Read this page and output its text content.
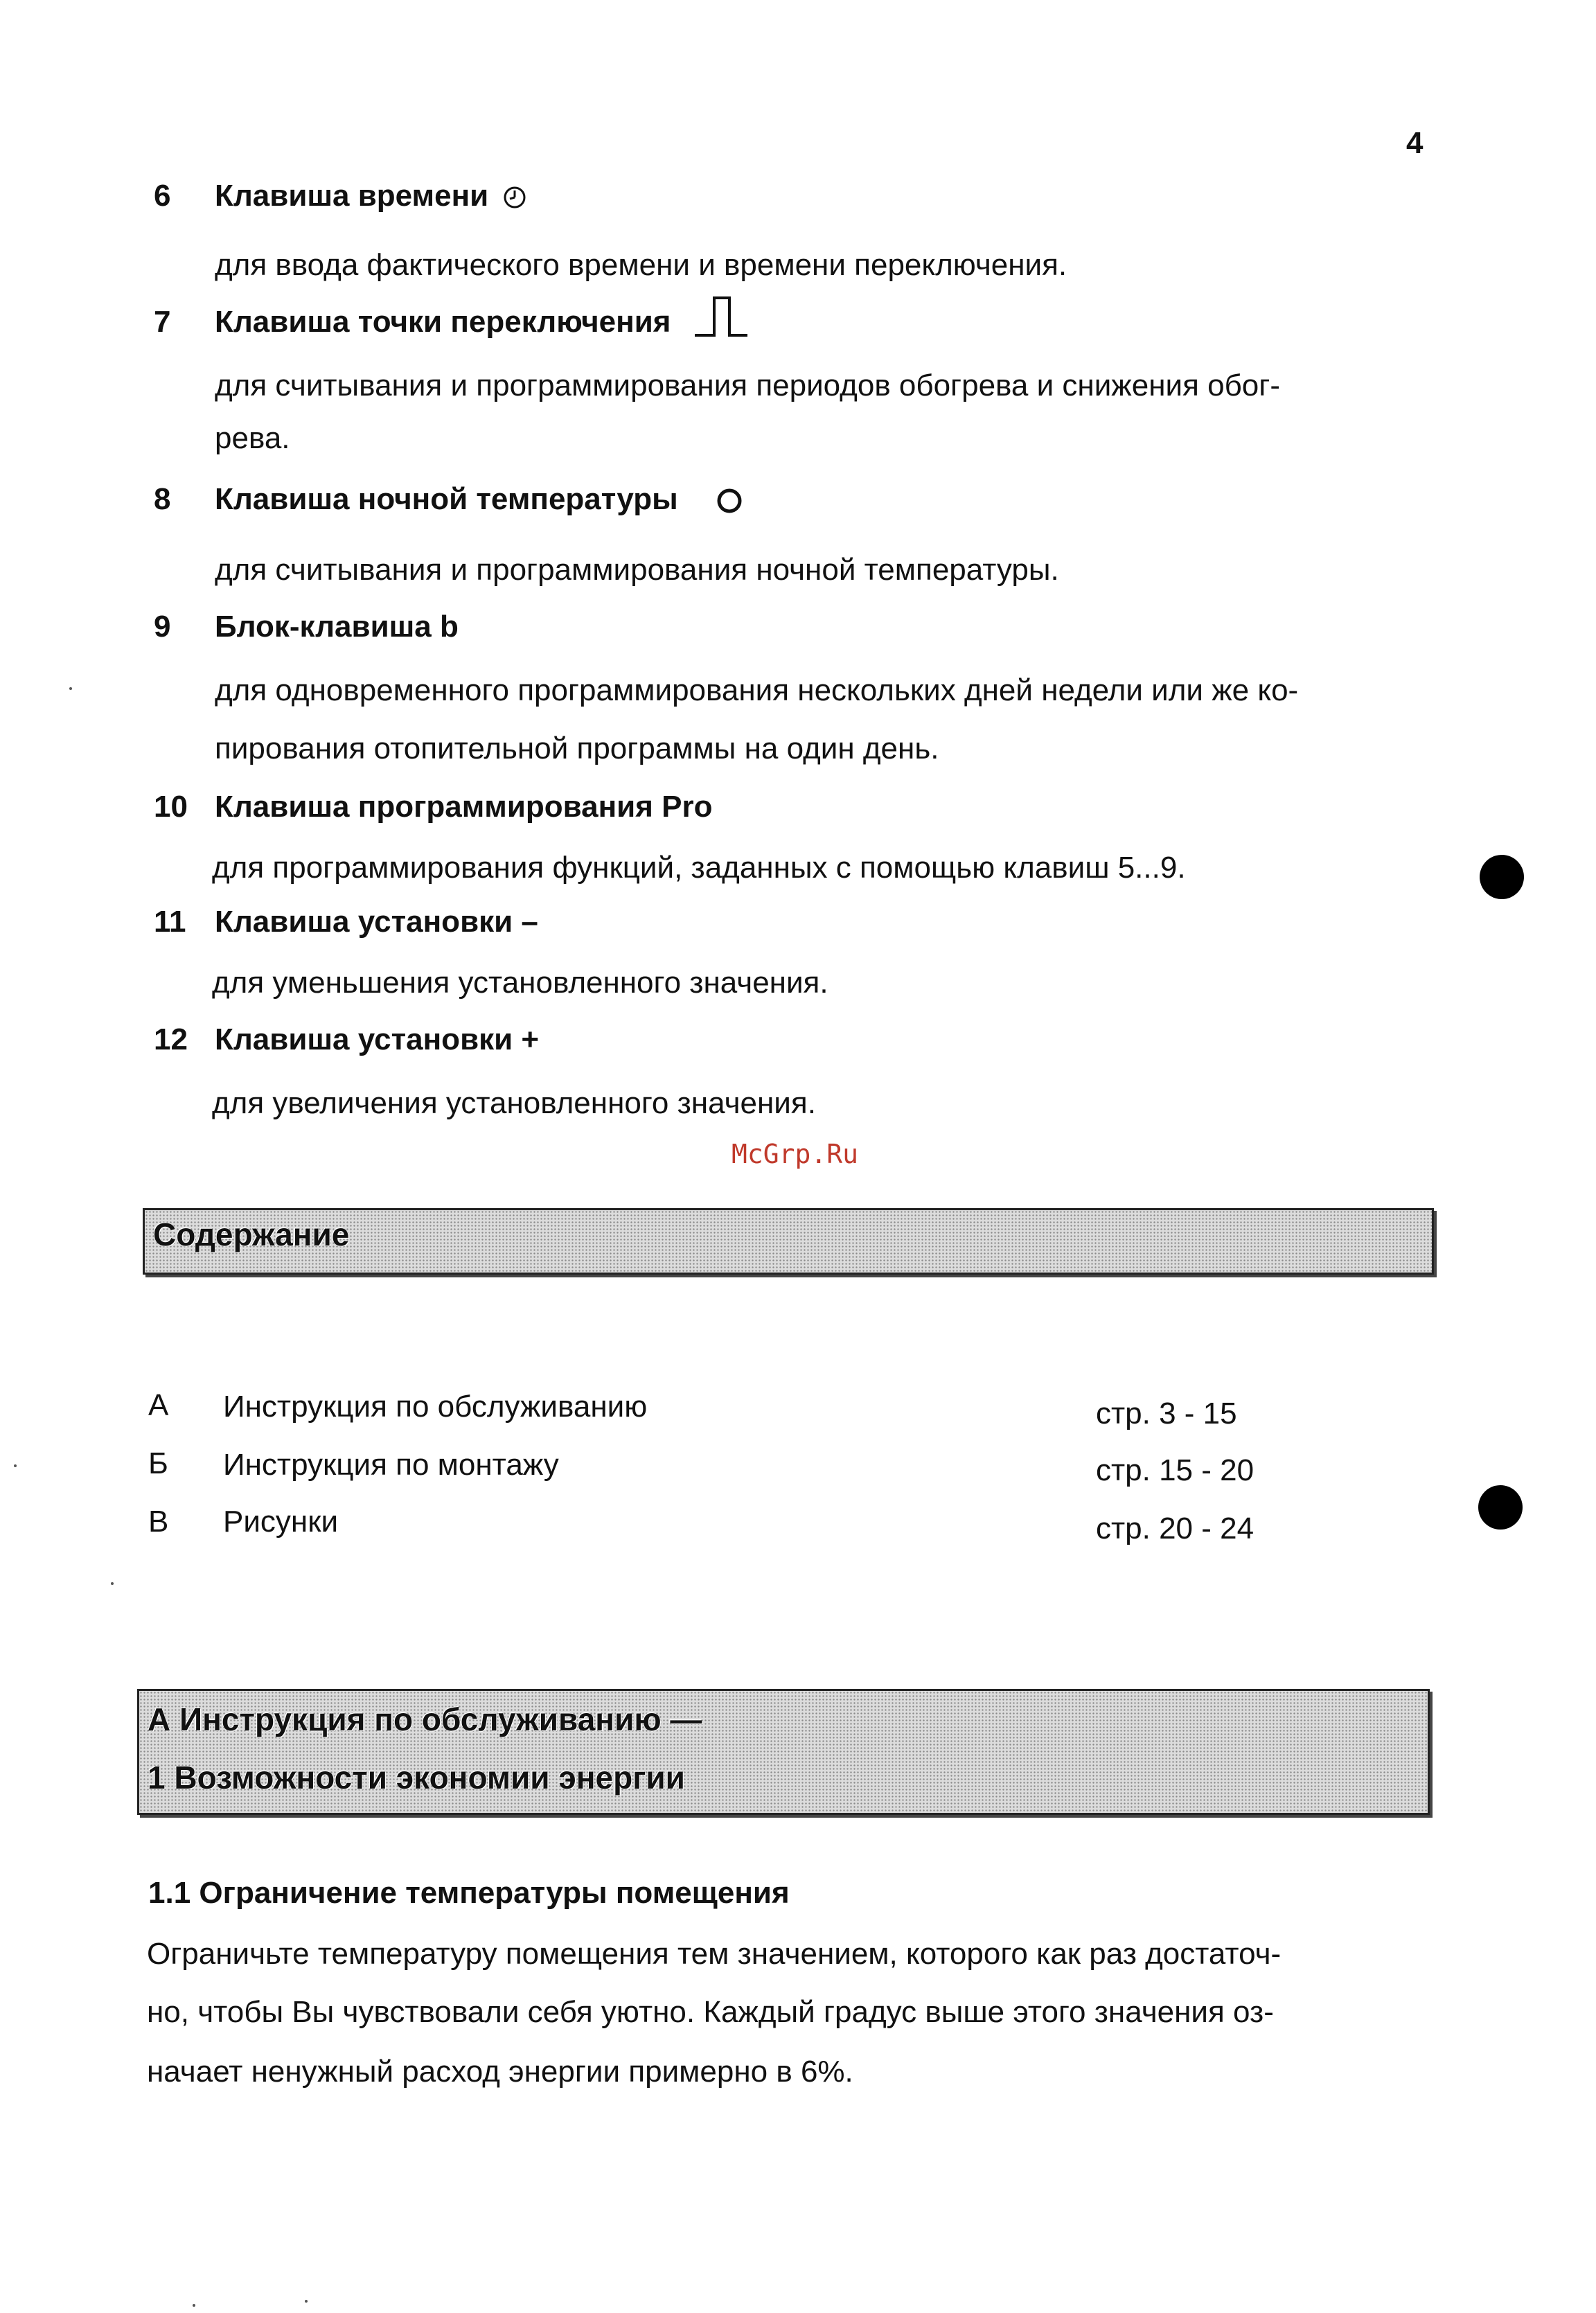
4
6 Клавиша времени
для ввода фактического времени и времени переключения.
7 Клавиша точки переключения
для считывания и программирования периодов обогрева и снижения обог-
рева.
8 Клавиша ночной температуры
для считывания и программирования ночной температуры.
9 Блок-клавиша b
для одновременного программирования нескольких дней недели или же ко-
пирования отопительной программы на один день.
10 Клавиша программирования Pro
для программирования функций, заданных с помощью клавиш 5...9.
11 Клавиша установки –
для уменьшения установленного значения.
12 Клавиша установки +
для увеличения установленного значения.
McGrp.Ru
Содержание
А Инструкция по обслуживанию	стр. 3 - 15
Б Инструкция по монтажу	стр. 15 - 20
В Рисунки	стр. 20 - 24
А Инструкция по обслуживанию —
1 Возможности экономии энергии
1.1 Ограничение температуры помещения
Ограничьте температуру помещения тем значением, которого как раз достаточ-
но, чтобы Вы чувствовали себя уютно. Каждый градус выше этого значения оз-
начает ненужный расход энергии примерно в 6%.
